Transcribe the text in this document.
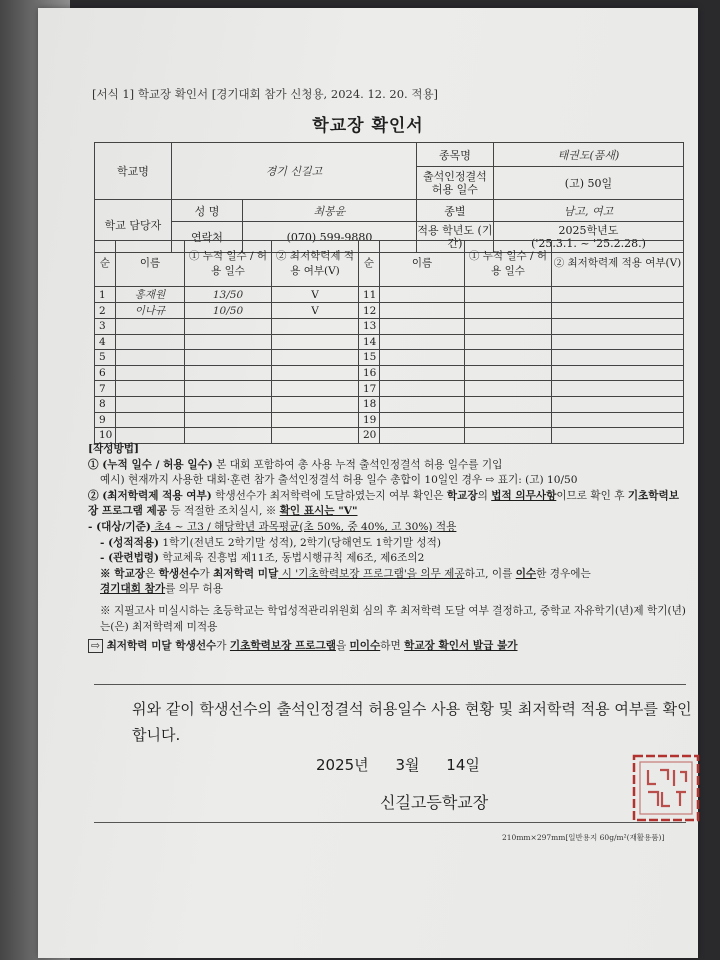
[서식 1] 학교장 확인서 [경기대회 참가 신청용, 2024. 12. 20. 적용]
학교장 확인서
학교명	경기 신길고		종목명	태권도(품새)
			출석인정결석 허용 일수	(고) 50일
학교 담당자	성 명	최봉윤	종별	남고, 여고
	연락처	(070) 599-9880	적용 학년도 (기간)	2025학년도
('25.3.1. ~ '25.2.28.)
순	이름	① 누적 일수 / 허용 일수	② 최저학력제 적용 여부(V)	순	이름	① 누적 일수 / 허용 일수	② 최저학력제 적용 여부(V)
1	홍재원	13/50	V	11			
2	이나규	10/50	V	12			
3				13			
4				14			
5				15			
6				16			
7				17			
8				18			
9				19			
10				20			

[작성방법]

① (누적 일수 / 허용 일수) 본 대회 포함하여 총 사용 누적 출석인정결석 허용 일수를 기입

예시) 현재까지 사용한 대회·훈련 참가 출석인정결석 허용 일수 총합이 10일인 경우 ⇨ 표기: (고) 10/50

② (최저학력제 적용 여부) 학생선수가 최저학력에 도달하였는지 여부 확인은 학교장의 법적 의무사항이므로 확인 후 기초학력보장 프로그램 제공 등 적절한 조치실시, ※ 확인 표시는 "V"

- (대상/기준) 초4 ~ 고3 / 해당학년 과목평균(초 50%, 중 40%, 고 30%) 적용

- (성적적용) 1학기(전년도 2학기말 성적), 2학기(당해연도 1학기말 성적)

- (관련법령) 학교체육 진흥법 제11조, 동법시행규칙 제6조, 제6조의2

※ 학교장은 학생선수가 최저학력 미달 시 '기초학력보장 프로그램'을 의무 제공하고, 이를 이수한 경우에는
경기대회 참가를 의무 허용

※ 지필고사 미실시하는 초등학교는 학업성적관리위원회 심의 후 최저학력 도달 여부 결정하고, 중학교 자유학기(년)제 학기(년)는(은) 최저학력제 미적용

⇨ 최저학력 미달 학생선수가 기초학력보장 프로그램을 미이수하면 학교장 확인서 발급 불가

위와 같이 학생선수의 출석인정결석 허용일수 사용 현황 및 최저학력 적용 여부를 확인합니다.
2025년 3월 14일
신길고등학교장
210mm×297mm[일반용지 60g/m²(재활용품)]
